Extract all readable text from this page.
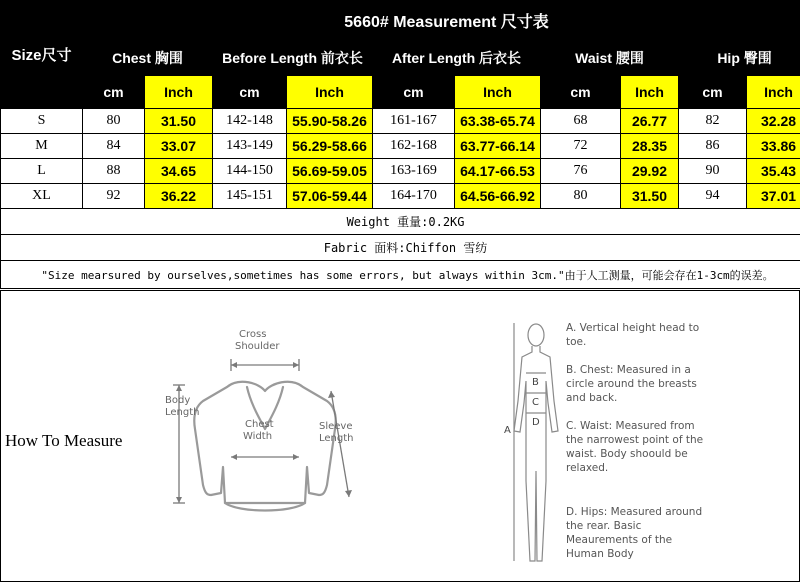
Size尺寸	5660# Measurement 尺寸表									
	Chest 胸围		Before Length 前衣长		After Length 后衣长		Waist 腰围		Hip 臀围	
	cm	Inch	cm	Inch	cm	Inch	cm	Inch	cm	Inch
S	80	31.50	142-148	55.90-58.26	161-167	63.38-65.74	68	26.77	82	32.28
M	84	33.07	143-149	56.29-58.66	162-168	63.77-66.14	72	28.35	86	33.86
L	88	34.65	144-150	56.69-59.05	163-169	64.17-66.53	76	29.92	90	35.43
XL	92	36.22	145-151	57.06-59.44	164-170	64.56-66.92	80	31.50	94	37.01
Weight 重量:0.2KG										
Fabric 面料:Chiffon 雪纺										
"Size mearsured by ourselves,sometimes has some errors, but always within 3cm."由于人工测量，可能会存在1-3cm的误差。										
How To Measure
Cross
Shoulder
Body
Length
Chest
Width
Sleeve
Length
A
B
C
D
A. Vertical height head to toe.
B. Chest: Measured in a circle around the breasts and back.
C. Waist: Measured from the narrowest point of the waist. Body shoould be relaxed.
D. Hips: Measured around the rear. Basic Meaurements of the Human Body
